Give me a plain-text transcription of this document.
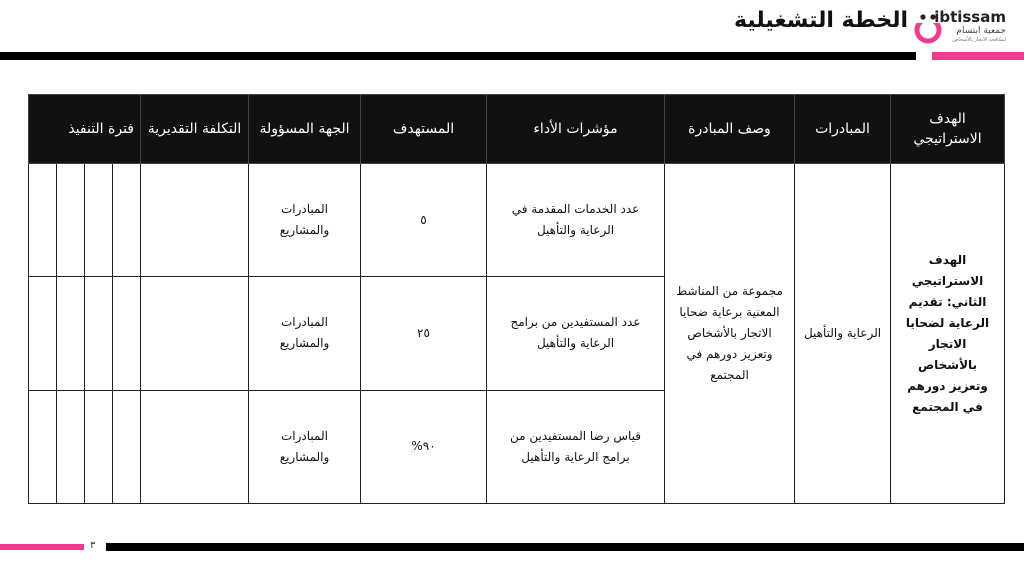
ibtissam
جمعية ابتسام
لمكافحة الاتجار بالأشخاص
الخطة التشغيلية
الهدف الاستراتيجي	المبادرات	وصف المبادرة	مؤشرات الأداء	المستهدف	الجهة المسؤولة	التكلفة التقديرية	فترة التنفيذ			
الهدف الاستراتيجي الثاني: تقديم الرعاية لضحايا الاتجار بالأشخاص وتعزيز دورهم في المجتمع	الرعاية والتأهيل	مجموعة من المناشط المعنية برعاية ضحايا الاتجار بالأشخاص وتعزيز دورهم في المجتمع	عدد الخدمات المقدمة في الرعاية والتأهيل	٥	المبادرات والمشاريع					
			عدد المستفيدين من برامج الرعاية والتأهيل	٢٥	المبادرات والمشاريع					
			قياس رضا المستفيدين من برامج الرعاية والتأهيل	٩٠%	المبادرات والمشاريع					
٣
